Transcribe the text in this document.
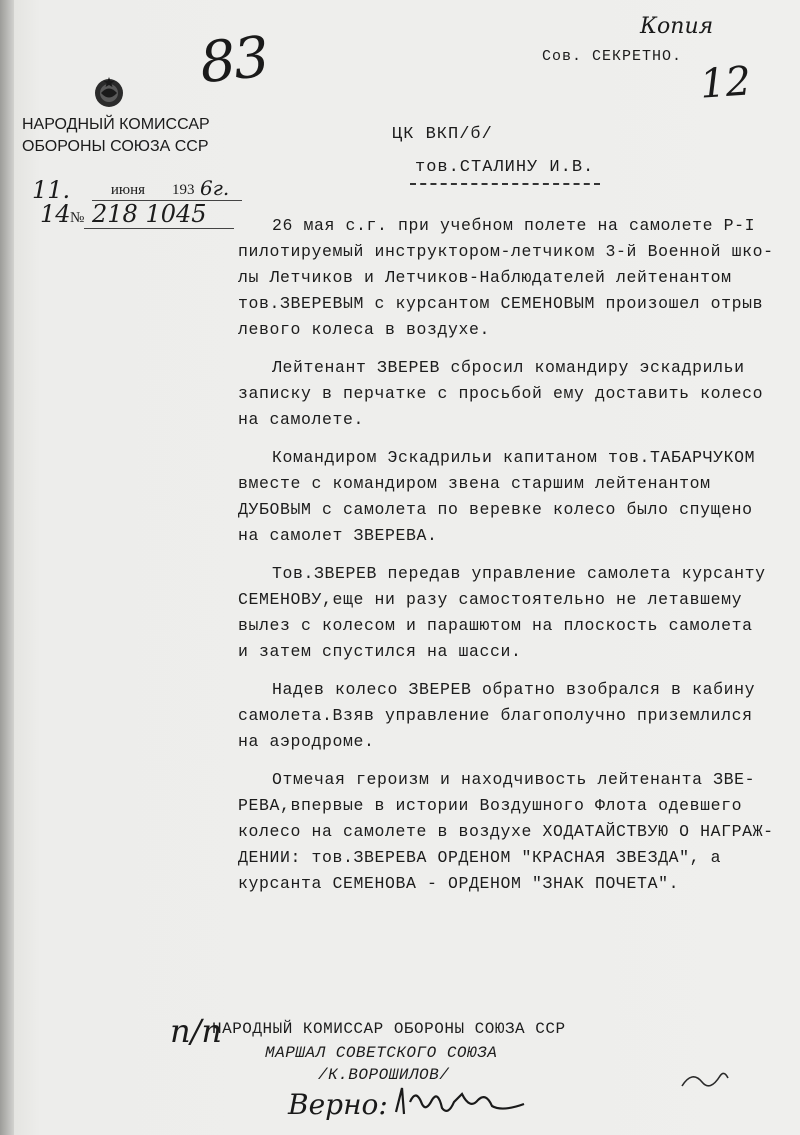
83	Копия
12
Сов. СЕКРЕТНО.
НАРОДНЫЙ КОМИССАР
ОБОРОНЫ СОЮЗА ССР
11.	июня	193 6г.
14 № 218 1045
ЦК ВКП/б/
тов.СТАЛИНУ И.В.

26 мая с.г. при учебном полете на самолете Р-I
пилотируемый инструктором-летчиком 3-й Военной шко-
лы Летчиков и Летчиков-Наблюдателей лейтенантом
тов.ЗВЕРЕВЫМ с курсантом СЕМЕНОВЫМ произошел отрыв
левого колеса в воздухе.

Лейтенант ЗВЕРЕВ сбросил командиру эскадрильи
записку в перчатке с просьбой ему доставить колесо
на самолете.

Командиром Эскадрильи капитаном тов.ТАБАРЧУКОМ
вместе с командиром звена старшим лейтенантом
ДУБОВЫМ с самолета по веревке колесо было спущено
на самолет ЗВЕРЕВА.

Тов.ЗВЕРЕВ передав управление самолета курсанту
СЕМЕНОВУ,еще ни разу самостоятельно не летавшему
вылез с колесом и парашютом на плоскость самолета
и затем спустился на шасси.

Надев колесо ЗВЕРЕВ обратно взобрался в кабину
самолета.Взяв управление благополучно приземлился
на аэродроме.

Отмечая героизм и находчивость лейтенанта ЗВЕ-
РЕВА,впервые в истории Воздушного Флота одевшего
колесо на самолете в воздухе ХОДАТАЙСТВУЮ О НАГРАЖ-
ДЕНИИ: тов.ЗВЕРЕВА ОРДЕНОМ "КРАСНАЯ ЗВЕЗДА", а
курсанта СЕМЕНОВА - ОРДЕНОМ "ЗНАК ПОЧЕТА".

п/п
НАРОДНЫЙ КОМИССАР ОБОРОНЫ СОЮЗА ССР
МАРШАЛ СОВЕТСКОГО СОЮЗА
/К.ВОРОШИЛОВ/
Верно:
